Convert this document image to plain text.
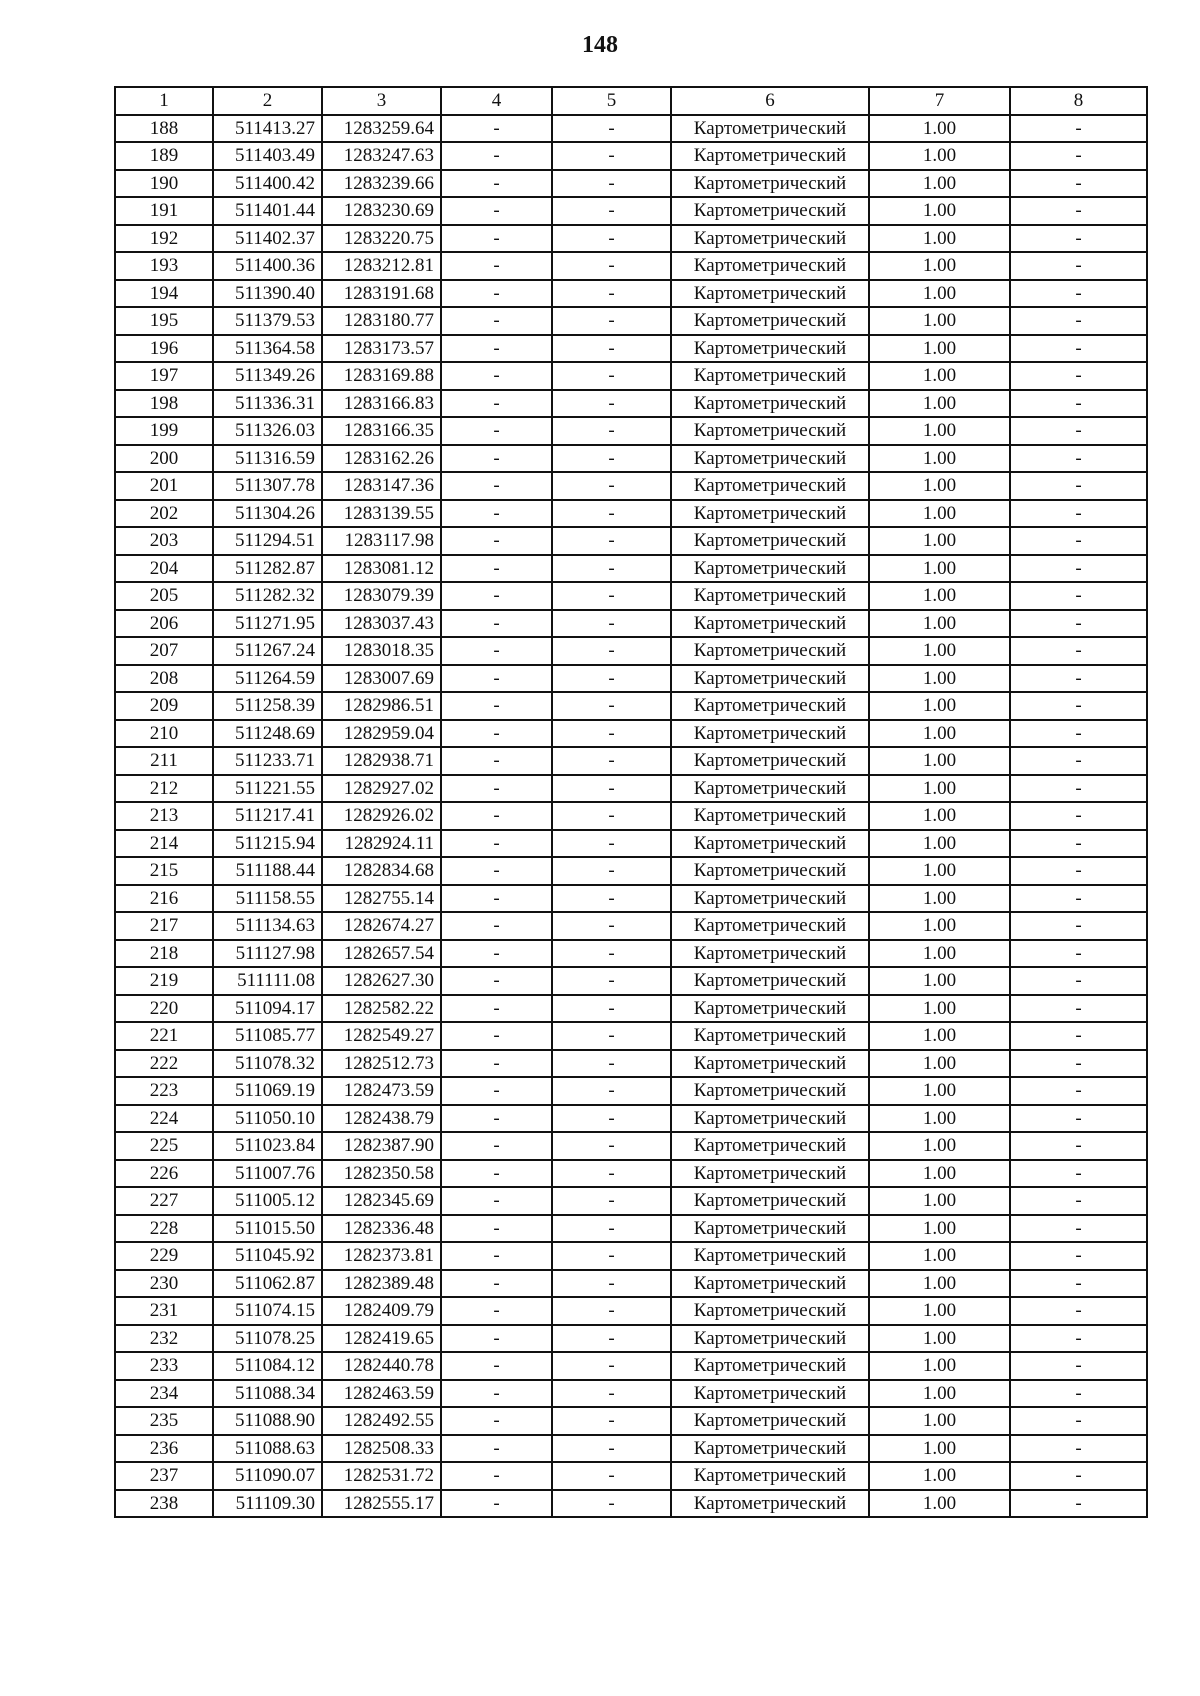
148
1	2	3	4	5	6	7	8
188	511413.27	1283259.64	-	-	Картометрический	1.00	-
189	511403.49	1283247.63	-	-	Картометрический	1.00	-
190	511400.42	1283239.66	-	-	Картометрический	1.00	-
191	511401.44	1283230.69	-	-	Картометрический	1.00	-
192	511402.37	1283220.75	-	-	Картометрический	1.00	-
193	511400.36	1283212.81	-	-	Картометрический	1.00	-
194	511390.40	1283191.68	-	-	Картометрический	1.00	-
195	511379.53	1283180.77	-	-	Картометрический	1.00	-
196	511364.58	1283173.57	-	-	Картометрический	1.00	-
197	511349.26	1283169.88	-	-	Картометрический	1.00	-
198	511336.31	1283166.83	-	-	Картометрический	1.00	-
199	511326.03	1283166.35	-	-	Картометрический	1.00	-
200	511316.59	1283162.26	-	-	Картометрический	1.00	-
201	511307.78	1283147.36	-	-	Картометрический	1.00	-
202	511304.26	1283139.55	-	-	Картометрический	1.00	-
203	511294.51	1283117.98	-	-	Картометрический	1.00	-
204	511282.87	1283081.12	-	-	Картометрический	1.00	-
205	511282.32	1283079.39	-	-	Картометрический	1.00	-
206	511271.95	1283037.43	-	-	Картометрический	1.00	-
207	511267.24	1283018.35	-	-	Картометрический	1.00	-
208	511264.59	1283007.69	-	-	Картометрический	1.00	-
209	511258.39	1282986.51	-	-	Картометрический	1.00	-
210	511248.69	1282959.04	-	-	Картометрический	1.00	-
211	511233.71	1282938.71	-	-	Картометрический	1.00	-
212	511221.55	1282927.02	-	-	Картометрический	1.00	-
213	511217.41	1282926.02	-	-	Картометрический	1.00	-
214	511215.94	1282924.11	-	-	Картометрический	1.00	-
215	511188.44	1282834.68	-	-	Картометрический	1.00	-
216	511158.55	1282755.14	-	-	Картометрический	1.00	-
217	511134.63	1282674.27	-	-	Картометрический	1.00	-
218	511127.98	1282657.54	-	-	Картометрический	1.00	-
219	511111.08	1282627.30	-	-	Картометрический	1.00	-
220	511094.17	1282582.22	-	-	Картометрический	1.00	-
221	511085.77	1282549.27	-	-	Картометрический	1.00	-
222	511078.32	1282512.73	-	-	Картометрический	1.00	-
223	511069.19	1282473.59	-	-	Картометрический	1.00	-
224	511050.10	1282438.79	-	-	Картометрический	1.00	-
225	511023.84	1282387.90	-	-	Картометрический	1.00	-
226	511007.76	1282350.58	-	-	Картометрический	1.00	-
227	511005.12	1282345.69	-	-	Картометрический	1.00	-
228	511015.50	1282336.48	-	-	Картометрический	1.00	-
229	511045.92	1282373.81	-	-	Картометрический	1.00	-
230	511062.87	1282389.48	-	-	Картометрический	1.00	-
231	511074.15	1282409.79	-	-	Картометрический	1.00	-
232	511078.25	1282419.65	-	-	Картометрический	1.00	-
233	511084.12	1282440.78	-	-	Картометрический	1.00	-
234	511088.34	1282463.59	-	-	Картометрический	1.00	-
235	511088.90	1282492.55	-	-	Картометрический	1.00	-
236	511088.63	1282508.33	-	-	Картометрический	1.00	-
237	511090.07	1282531.72	-	-	Картометрический	1.00	-
238	511109.30	1282555.17	-	-	Картометрический	1.00	-
